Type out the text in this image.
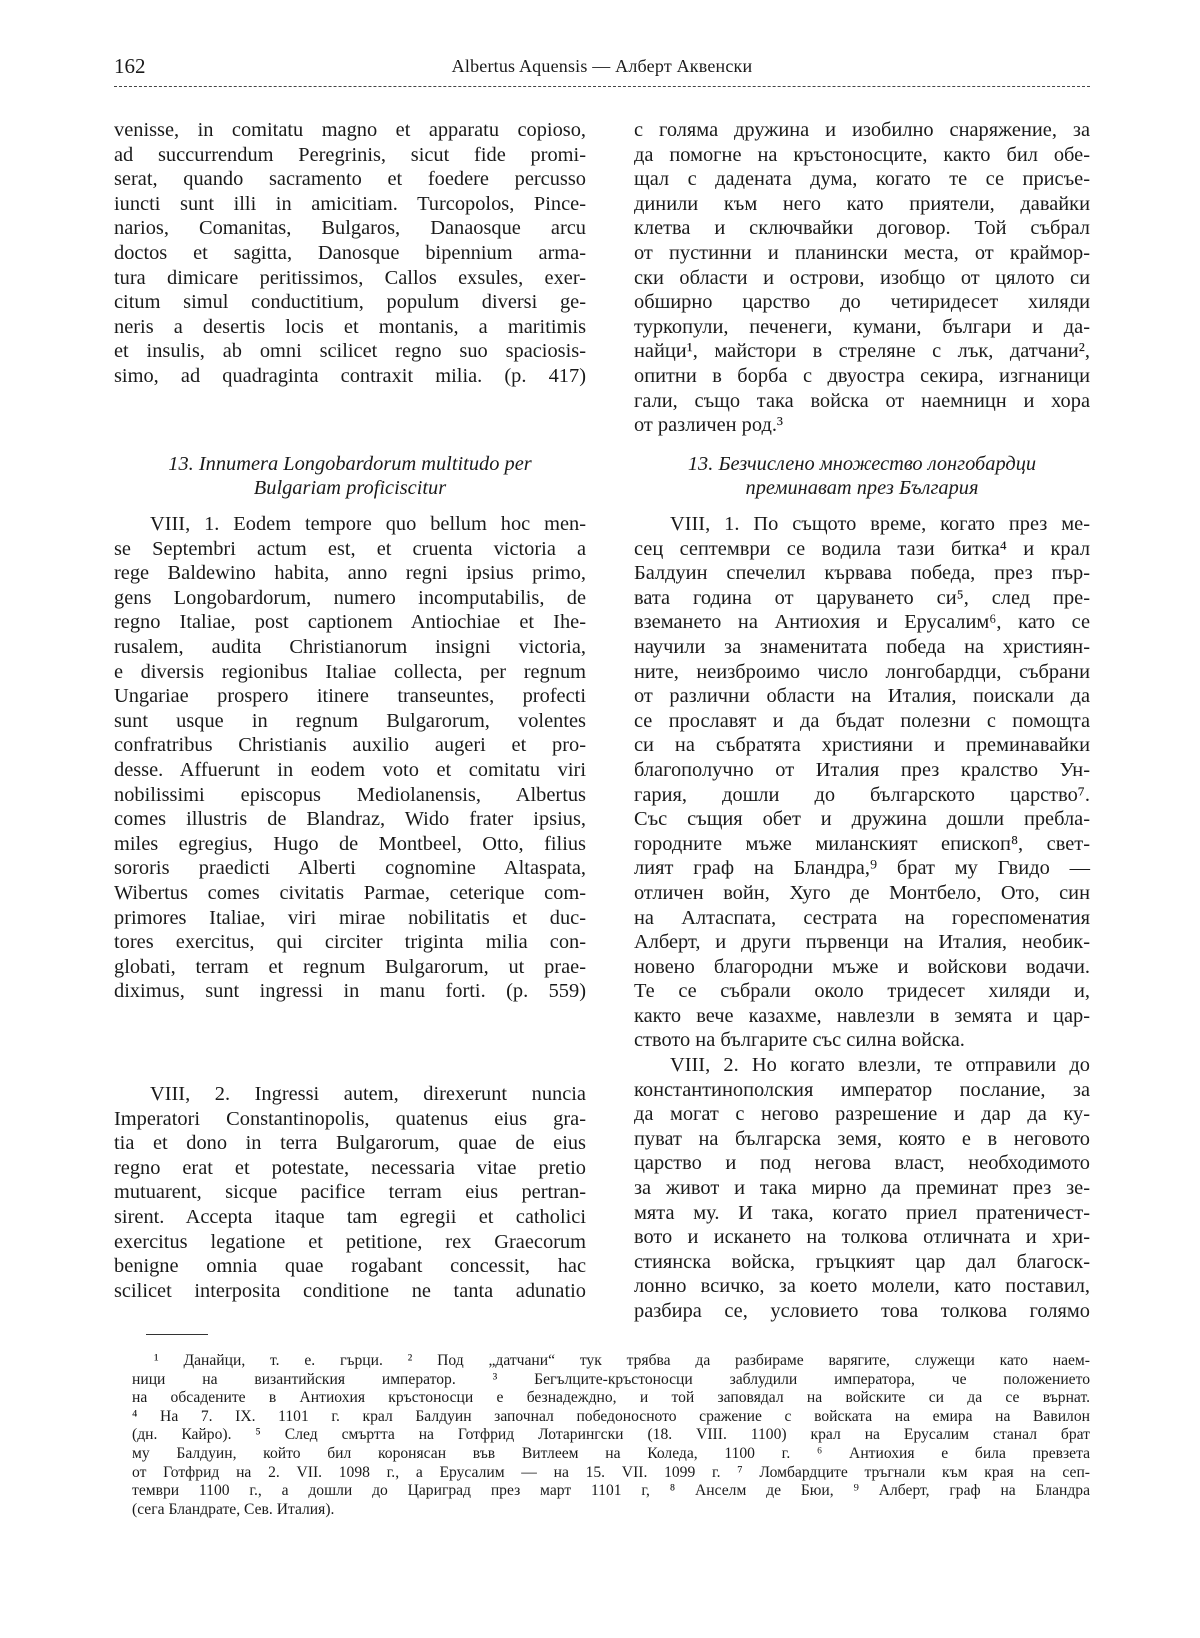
162	Albertus Aquensis — Алберт Аквенски
venisse, in comitatu magno et apparatu copioso,
ad succurrendum Peregrinis, sicut fide promi-
serat, quando sacramento et foedere percusso
iuncti sunt illi in amicitiam. Turcopolos, Pince-
narios, Comanitas, Bulgaros, Danaosque arcu
doctos et sagitta, Danosque bipennium arma-
tura dimicare peritissimos, Callos exsules, exer-
citum simul conductitium, populum diversi ge-
neris a desertis locis et montanis, a maritimis
et insulis, ab omni scilicet regno suo spaciosis-
simo, ad quadraginta contraxit milia. (p. 417)
13. Innumera Longobardorum multitudo per
Bulgariam proficiscitur
VIII, 1. Eodem tempore quo bellum hoc men-
se Septembri actum est, et cruenta victoria a
rege Baldewino habita, anno regni ipsius primo,
gens Longobardorum, numero incomputabilis, de
regno Italiae, post captionem Antiochiae et Ihe-
rusalem, audita Christianorum insigni victoria,
e diversis regionibus Italiae collecta, per regnum
Ungariae prospero itinere transeuntes, profecti
sunt usque in regnum Bulgarorum, volentes
confratribus Christianis auxilio augeri et pro-
desse. Affuerunt in eodem voto et comitatu viri
nobilissimi episcopus Mediolanensis, Albertus
comes illustris de Blandraz, Wido frater ipsius,
miles egregius, Hugo de Montbeel, Otto, filius
sororis praedicti Alberti cognomine Altaspata,
Wibertus comes civitatis Parmae, ceterique com-
primores Italiae, viri mirae nobilitatis et duc-
tores exercitus, qui circiter triginta milia con-
globati, terram et regnum Bulgarorum, ut prae-
diximus, sunt ingressi in manu forti. (p. 559)
VIII, 2. Ingressi autem, direxerunt nuncia
Imperatori Constantinopolis, quatenus eius gra-
tia et dono in terra Bulgarorum, quae de eius
regno erat et potestate, necessaria vitae pretio
mutuarent, sicque pacifice terram eius pertran-
sirent. Accepta itaque tam egregii et catholici
exercitus legatione et petitione, rex Graecorum
benigne omnia quae rogabant concessit, hac
scilicet interposita conditione ne tanta adunatio
с голяма дружина и изобилно снаряжение, за
да помогне на кръстоносците, както бил обе-
щал с дадената дума, когато те се присъе-
динили към него като приятели, давайки
клетва и сключвайки договор. Той събрал
от пустинни и планински места, от краймор-
ски области и острови, изобщо от цялото си
обширно царство до четиридесет хиляди
туркопули, печенеги, кумани, българи и да-
найци¹, майстори в стреляне с лък, датчани²,
опитни в борба с двуостра секира, изгнаници
гали, също така войска от наемницн и хора
от различен род.³
13. Безчислено множество лонгобардци
преминават през България
VIII, 1. По същото време, когато през ме-
сец септември се водила тази битка⁴ и крал
Балдуин спечелил кървава победа, през пър-
вата година от царуването си⁵, след пре-
вземането на Антиохия и Ерусалим⁶, като се
научили за знаменитата победа на християн-
ните, неизброимо число лонгобардци, събрани
от различни области на Италия, поискали да
се прославят и да бъдат полезни с помощта
си на събратята християни и преминавайки
благополучно от Италия през кралство Ун-
гария, дошли до българското царство⁷.
Със същия обет и дружина дошли пребла-
городните мъже миланският епископ⁸, свет-
лият граф на Бландра,⁹ брат му Гвидо —
отличен войн, Хуго де Монтбело, Ото, син
на Алтаспата, сестрата на гореспоменатия
Алберт, и други първенци на Италия, необик-
новено благородни мъже и войскови водачи.
Те се събрали около тридесет хиляди и,
както вече казахме, навлезли в земята и цар-
ството на българите със силна войска.
VIII, 2. Но когато влезли, те отправили до
константинополския император послание, за
да могат с негово разрешение и дар да ку-
пуват на българска земя, която е в неговото
царство и под негова власт, необходимото
за живот и така мирно да преминат през зе-
мята му. И така, когато приел пратеничест-
вото и искането на толкова отличната и хри-
стиянска войска, гръцкият цар дал благоск-
лонно всичко, за което молели, като поставил,
разбира се, условието това толкова голямо
¹ Данайци, т. е. гърци. ² Под „датчани“ тук трябва да разбираме варягите, служещи като наем-
ници на византийския император. ³ Бегълците-кръстоносци заблудили императора, че положението
на обсадените в Антиохия кръстоносци е безнадеждно, и той заповядал на войските си да се върнат.
⁴ На 7. IX. 1101 г. крал Балдуин започнал победоносното сражение с войската на емира на Вавилон
(дн. Кайро). ⁵ След смъртта на Готфрид Лотарингски (18. VIII. 1100) крал на Ерусалим станал брат
му Балдуин, който бил коронясан във Витлеем на Коледа, 1100 г. ⁶ Антиохия е била превзета
от Готфрид на 2. VII. 1098 г., а Ерусалим — на 15. VII. 1099 г. ⁷ Ломбардците тръгнали към края на сеп-
тември 1100 г., а дошли до Цариград през март 1101 г, ⁸ Анселм де Бюи, ⁹ Алберт, граф на Бландра
(сега Бландрате, Сев. Италия).
